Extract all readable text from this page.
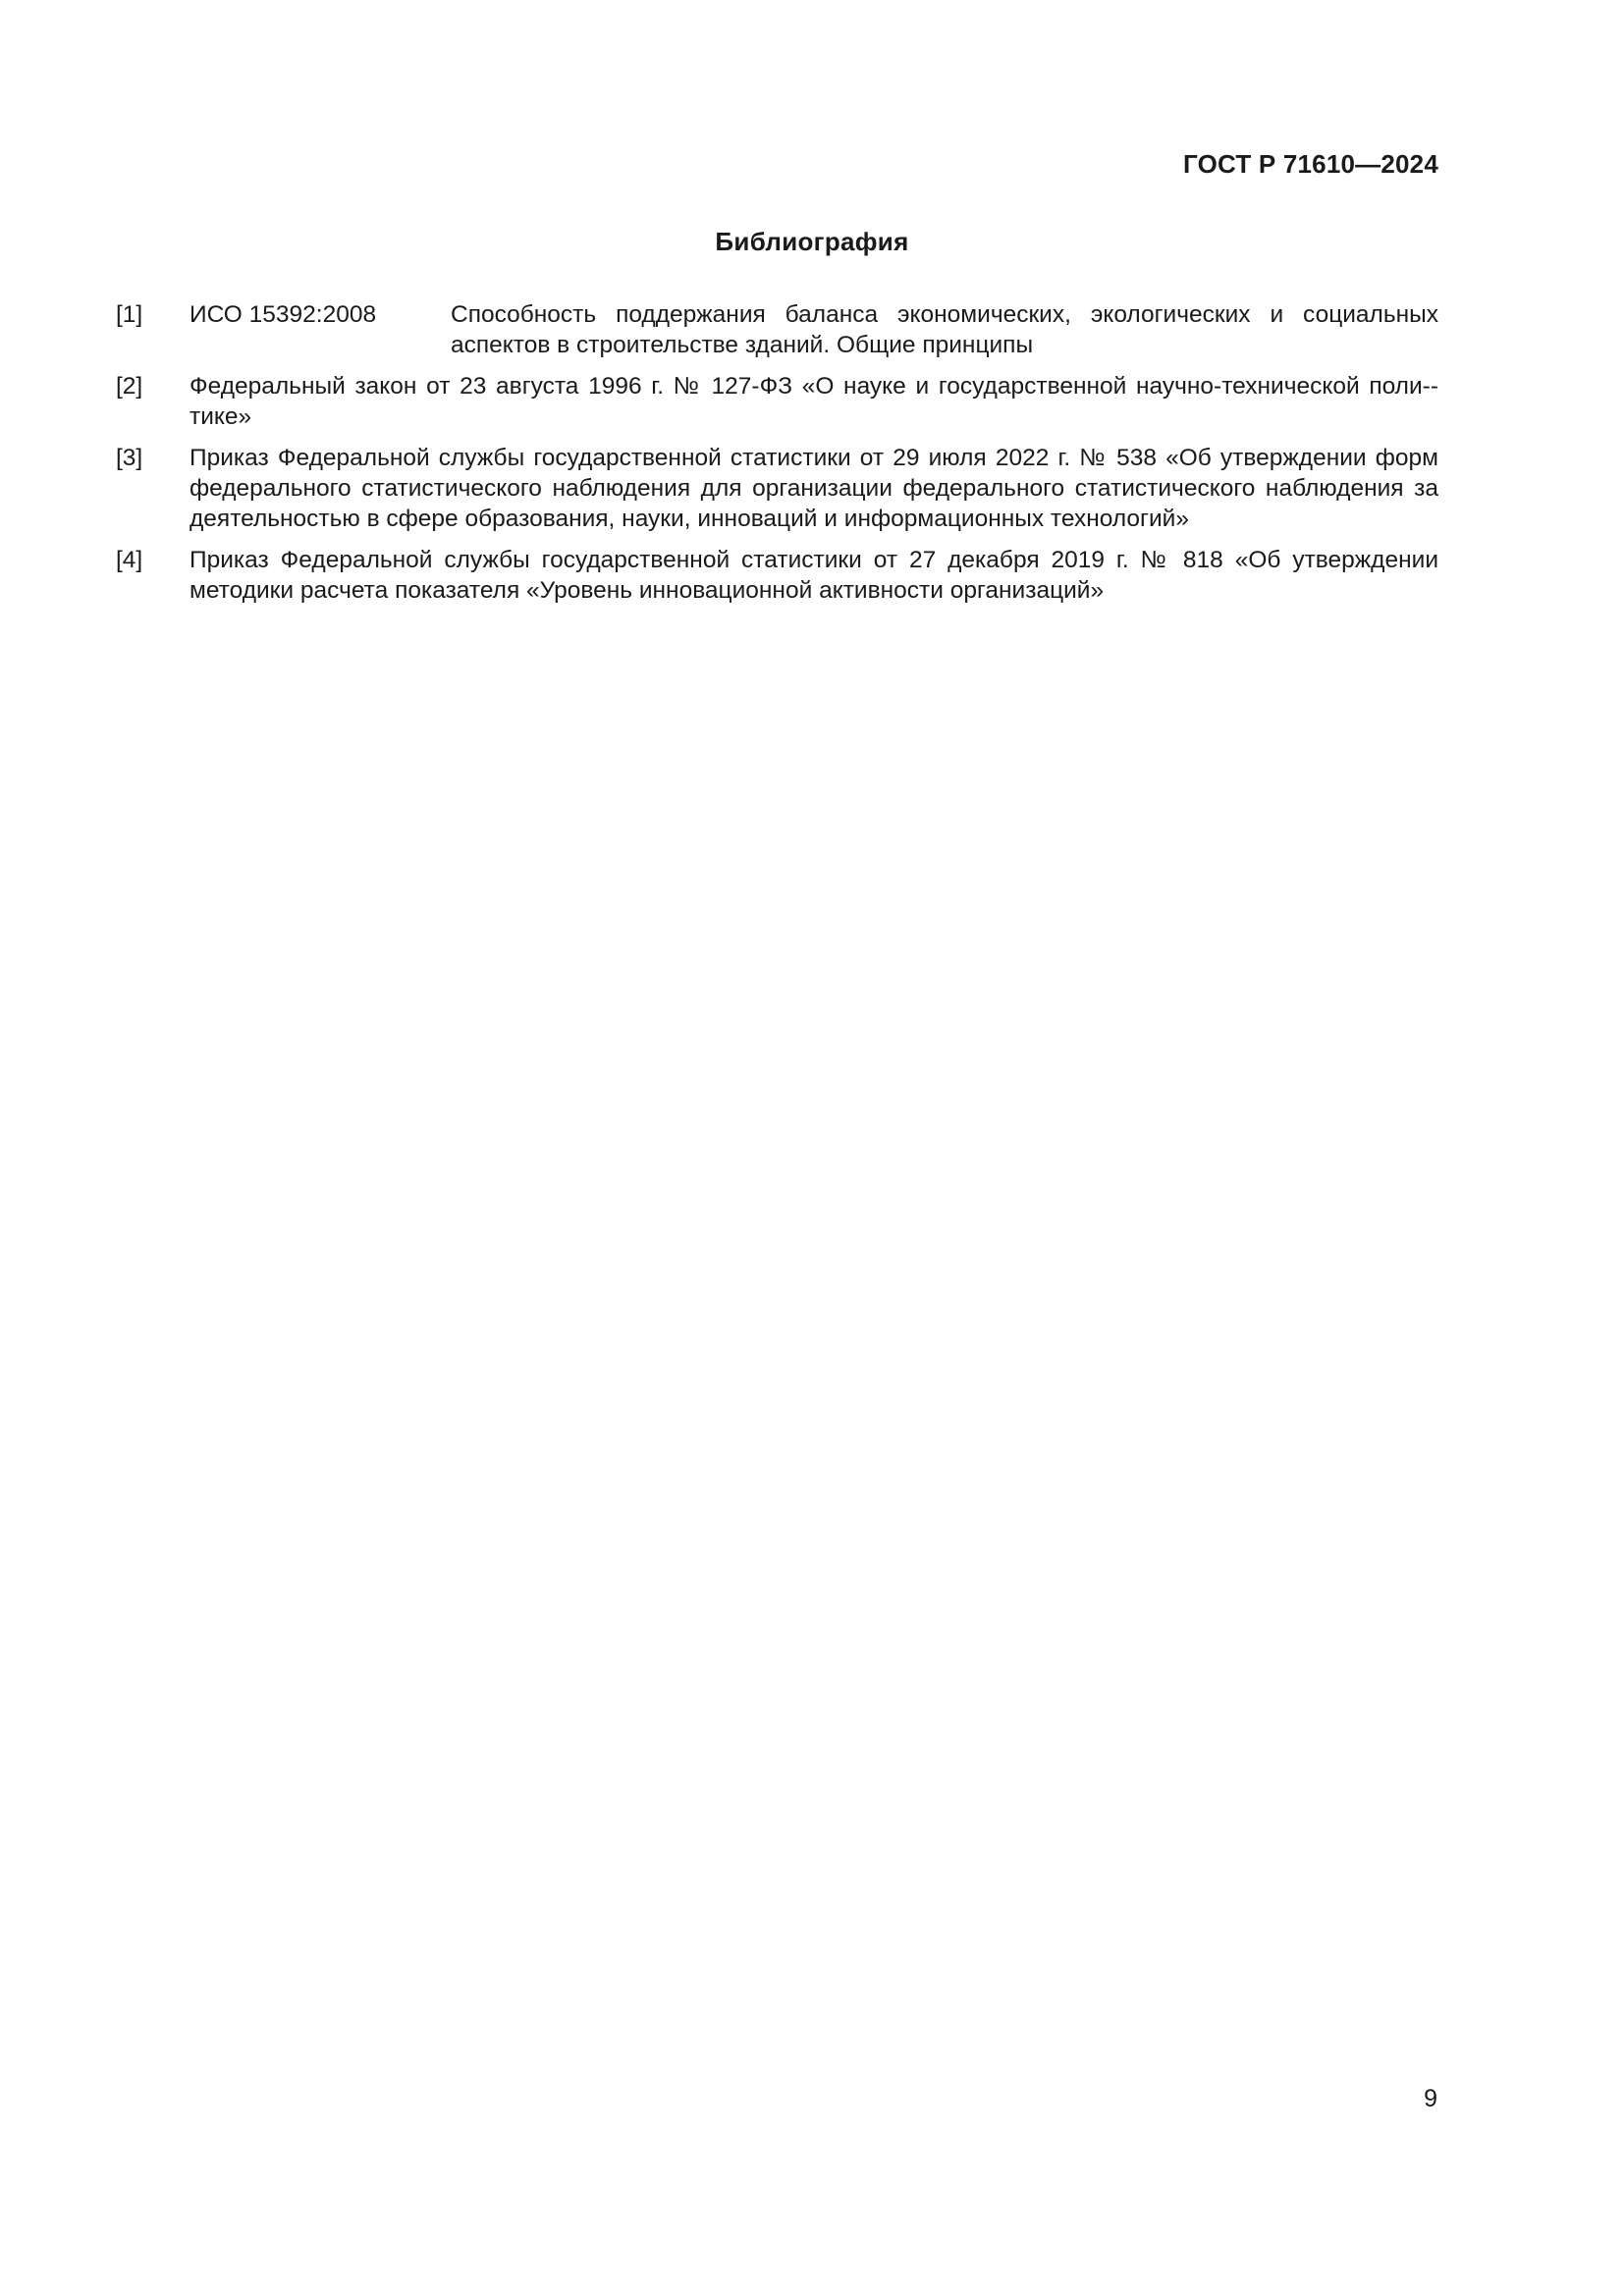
ГОСТ Р 71610—2024
Библиография
[1] ИСО 15392:2008	Способность поддержания баланса экономических, экологических и социальных аспектов в строительстве зданий. Общие принципы
[2] Федеральный закон от 23 августа 1996 г. № 127-ФЗ «О науке и государственной научно-технической поли-тике»
[3] Приказ Федеральной службы государственной статистики от 29 июля 2022 г. № 538 «Об утверждении форм федерального статистического наблюдения для организации федерального статистического наблюдения за деятельностью в сфере образования, науки, инноваций и информационных технологий»
[4] Приказ Федеральной службы государственной статистики от 27 декабря 2019 г. № 818 «Об утверждении методики расчета показателя «Уровень инновационной активности организаций»
9
